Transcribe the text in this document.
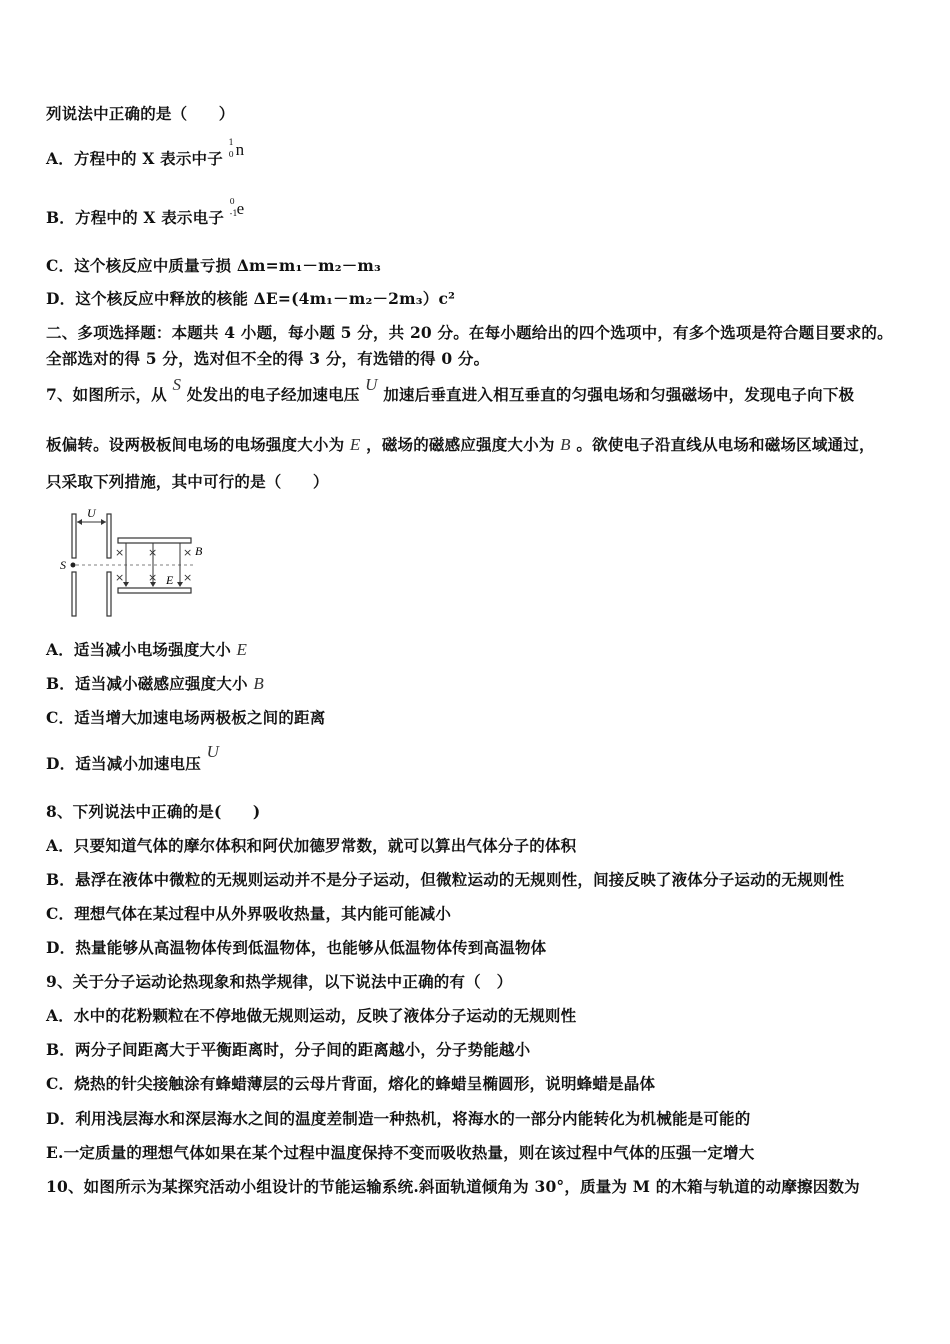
列说法中正确的是（　　）
A．方程中的 X 表示中子
1
0 n
B．方程中的 X 表示电子
0
-1
e
C．这个核反应中质量亏损 Δm=m₁－m₂－m₃
D．这个核反应中释放的核能 ΔE=(4m₁－m₂－2m₃）c²
二、多项选择题：本题共 4 小题，每小题 5 分，共 20 分。在每小题给出的四个选项中，有多个选项是符合题目要求的。
全部选对的得 5 分，选对但不全的得 3 分，有选错的得 0 分。
7、如图所示，从 S 处发出的电子经加速电压 U 加速后垂直进入相互垂直的匀强电场和匀强磁场中，发现电子向下极
板偏转。设两极板间电场的电场强度大小为 E ，磁场的磁感应强度大小为 B 。欲使电子沿直线从电场和磁场区域通过，
只采取下列措施，其中可行的是（　　）
U
S
× × ×
× × ×
B
E
A．适当减小电场强度大小 E
B．适当减小磁感应强度大小 B
C．适当增大加速电场两极板之间的距离
D．适当减小加速电压 U
8、下列说法中正确的是(　　)
A．只要知道气体的摩尔体积和阿伏加德罗常数，就可以算出气体分子的体积
B．悬浮在液体中微粒的无规则运动并不是分子运动，但微粒运动的无规则性，间接反映了液体分子运动的无规则性
C．理想气体在某过程中从外界吸收热量，其内能可能减小
D．热量能够从高温物体传到低温物体，也能够从低温物体传到高温物体
9、关于分子运动论热现象和热学规律，以下说法中正确的有（　）
A．水中的花粉颗粒在不停地做无规则运动，反映了液体分子运动的无规则性
B．两分子间距离大于平衡距离时，分子间的距离越小，分子势能越小
C．烧热的针尖接触涂有蜂蜡薄层的云母片背面，熔化的蜂蜡呈椭圆形，说明蜂蜡是晶体
D．利用浅层海水和深层海水之间的温度差制造一种热机，将海水的一部分内能转化为机械能是可能的
E.一定质量的理想气体如果在某个过程中温度保持不变而吸收热量，则在该过程中气体的压强一定增大
10、如图所示为某探究活动小组设计的节能运输系统.斜面轨道倾角为 30°，质量为 M 的木箱与轨道的动摩擦因数为
